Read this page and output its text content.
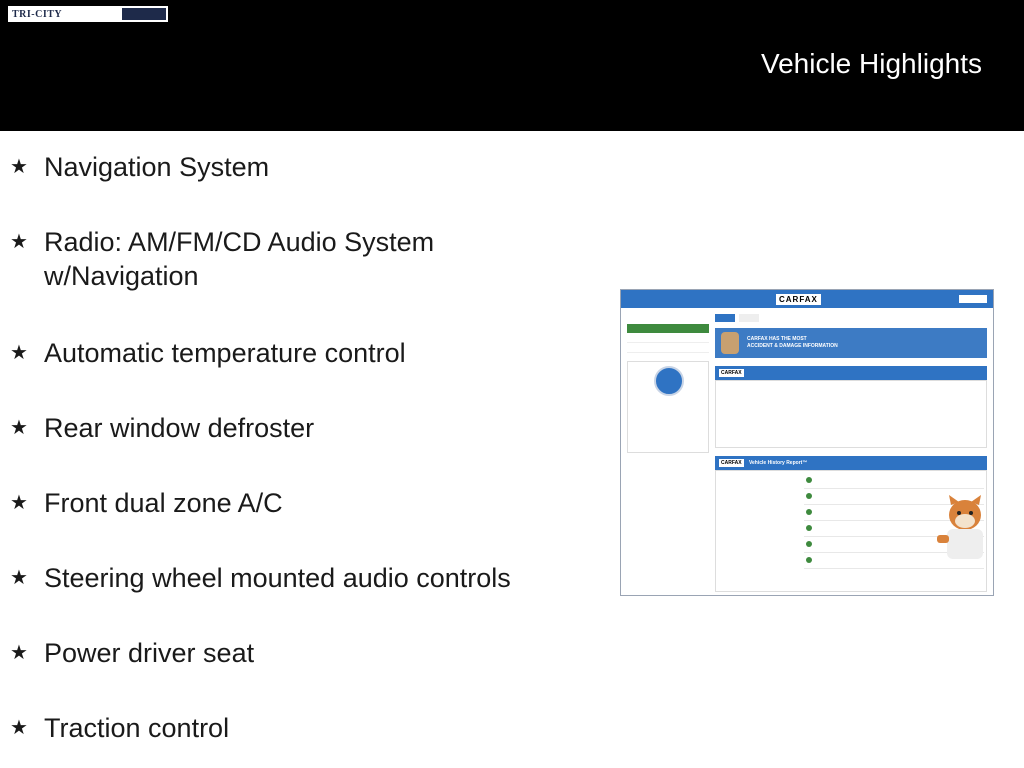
TRI-CITY
Vehicle Highlights
★ Navigation System
★ Radio: AM/FM/CD Audio System
w/Navigation
★ Automatic temperature control
★ Rear window defroster
★ Front dual zone A/C
★ Steering wheel mounted audio controls
★ Power driver seat
★ Traction control
CARFAX
CARFAX HAS THE MOST
ACCIDENT & DAMAGE INFORMATION
CARFAX
CARFAX Vehicle History Report™
